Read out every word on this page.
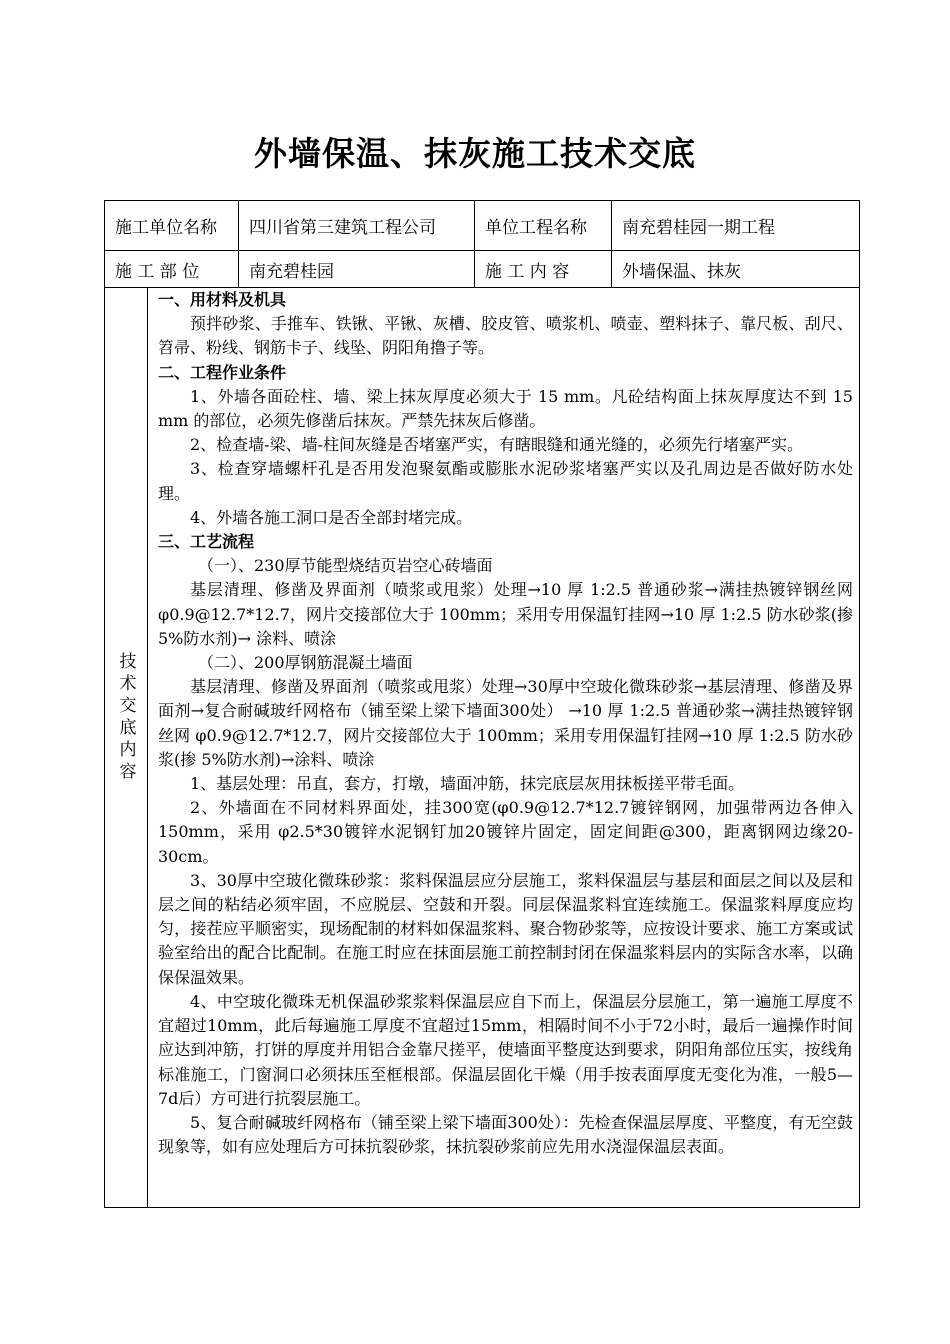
外墙保温、抹灰施工技术交底
施工单位名称	四川省第三建筑工程公司	单位工程名称	南充碧桂园一期工程
施 工 部 位	南充碧桂园	施 工 内 容	外墙保温、抹灰
技术交底内容

一、用材料及机具

预拌砂浆、手推车、铁锹、平锹、灰槽、胶皮管、喷浆机、喷壶、塑料抹子、靠尺板、刮尺、笤帚、粉线、钢筋卡子、线坠、阴阳角撸子等。

二、工程作业条件

1、外墙各面砼柱、墙、梁上抹灰厚度必须大于 15 mm。凡砼结构面上抹灰厚度达不到 15 mm 的部位，必须先修凿后抹灰。严禁先抹灰后修凿。

2、检查墙-梁、墙-柱间灰缝是否堵塞严实，有瞎眼缝和通光缝的，必须先行堵塞严实。

3、检查穿墙螺杆孔是否用发泡聚氨酯或膨胀水泥砂浆堵塞严实以及孔周边是否做好防水处理。

4、外墙各施工洞口是否全部封堵完成。

三、工艺流程

（一）、230厚节能型烧结页岩空心砖墙面

基层清理、修凿及界面剂（喷浆或甩浆）处理→10 厚 1:2.5 普通砂浆→满挂热镀锌钢丝网 φ0.9@12.7*12.7，网片交接部位大于 100mm；采用专用保温钉挂网→10 厚 1:2.5 防水砂浆(掺 5%防水剂)→ 涂料、喷涂

（二）、200厚钢筋混凝土墙面

基层清理、修凿及界面剂（喷浆或甩浆）处理→30厚中空玻化微珠砂浆→基层清理、修凿及界面剂→复合耐碱玻纤网格布（铺至梁上梁下墙面300处） →10 厚 1:2.5 普通砂浆→满挂热镀锌钢丝网 φ0.9@12.7*12.7，网片交接部位大于 100mm；采用专用保温钉挂网→10 厚 1:2.5 防水砂浆(掺 5%防水剂)→涂料、喷涂

1、基层处理：吊直，套方，打墩，墙面冲筋，抹完底层灰用抹板搓平带毛面。

2、外墙面在不同材料界面处，挂300宽(φ0.9@12.7*12.7镀锌钢网，加强带两边各伸入150mm，采用 φ2.5*30镀锌水泥钢钉加20镀锌片固定，固定间距@300，距离钢网边缘20-30cm。

3、30厚中空玻化微珠砂浆：浆料保温层应分层施工，浆料保温层与基层和面层之间以及层和层之间的粘结必须牢固，不应脱层、空鼓和开裂。同层保温浆料宜连续施工。保温浆料厚度应均匀，接茬应平顺密实，现场配制的材料如保温浆料、聚合物砂浆等，应按设计要求、施工方案或试验室给出的配合比配制。在施工时应在抹面层施工前控制封闭在保温浆料层内的实际含水率，以确保保温效果。

4、中空玻化微珠无机保温砂浆浆料保温层应自下而上，保温层分层施工，第一遍施工厚度不宜超过10mm，此后每遍施工厚度不宜超过15mm，相隔时间不小于72小时，最后一遍操作时间应达到冲筋，打饼的厚度并用铝合金靠尺搓平，使墙面平整度达到要求，阴阳角部位压实，按线角标准施工，门窗洞口必须抹压至框根部。保温层固化干燥（用手按表面厚度无变化为准，一般5—7d后）方可进行抗裂层施工。

5、复合耐碱玻纤网格布（铺至梁上梁下墙面300处）：先检查保温层厚度、平整度，有无空鼓现象等，如有应处理后方可抹抗裂砂浆，抹抗裂砂浆前应先用水浇湿保温层表面。
